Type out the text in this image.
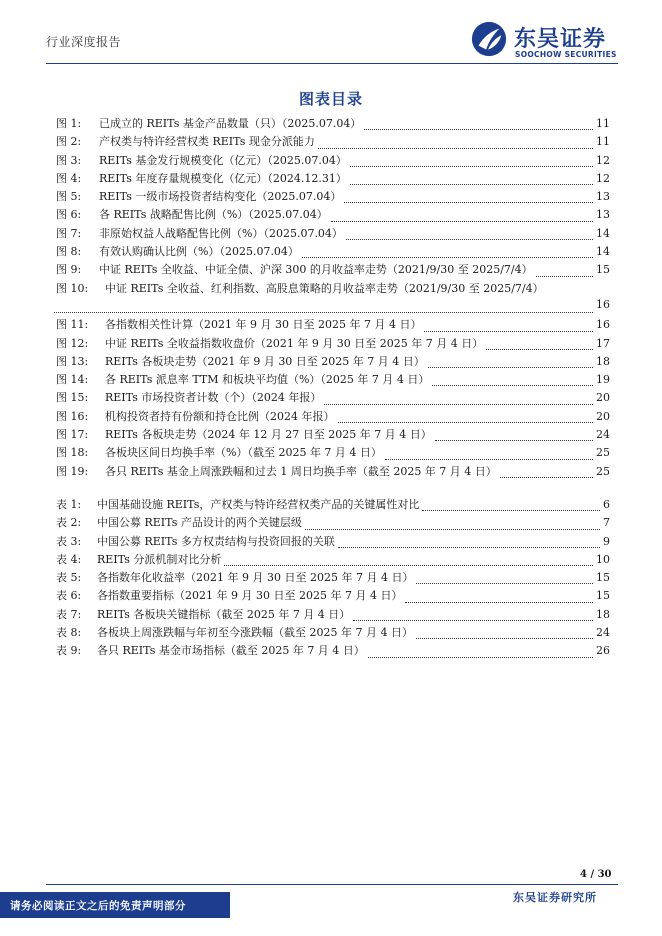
行业深度报告	东吴证券
SOOCHOW SECURITIES
图表目录
图 1:	已成立的 REITs 基金产品数量（只）（2025.07.04）	11
图 2:	产权类与特许经营权类 REITs 现金分派能力	11
图 3:	REITs 基金发行规模变化（亿元）（2025.07.04）	12
图 4:	REITs 年度存量规模变化（亿元）（2024.12.31）	12
图 5:	REITs 一级市场投资者结构变化（2025.07.04）	13
图 6:	各 REITs 战略配售比例（%）（2025.07.04）	13
图 7:	非原始权益人战略配售比例（%）（2025.07.04）	14
图 8:	有效认购确认比例（%）（2025.07.04）	14
图 9:	中证 REITs 全收益、中证全债、沪深 300 的月收益率走势（2021/9/30 至 2025/7/4）	15
图 10:	中证 REITs 全收益、红利指数、高股息策略的月收益率走势（2021/9/30 至 2025/7/4）
16
图 11:	各指数相关性计算（2021 年 9 月 30 日至 2025 年 7 月 4 日）	16
图 12:	中证 REITs 全收益指数收盘价（2021 年 9 月 30 日至 2025 年 7 月 4 日）	17
图 13:	REITs 各板块走势（2021 年 9 月 30 日至 2025 年 7 月 4 日）	18
图 14:	各 REITs 派息率 TTM 和板块平均值（%）（2025 年 7 月 4 日）	19
图 15:	REITs 市场投资者计数（个）（2024 年报）	20
图 16:	机构投资者持有份额和持仓比例（2024 年报）	20
图 17:	REITs 各板块走势（2024 年 12 月 27 日至 2025 年 7 月 4 日）	24
图 18:	各板块区间日均换手率（%）（截至 2025 年 7 月 4 日）	25
图 19:	各只 REITs 基金上周涨跌幅和过去 1 周日均换手率（截至 2025 年 7 月 4 日）	25
表 1:	中国基础设施 REITs，产权类与特许经营权类产品的关键属性对比	6
表 2:	中国公募 REITs 产品设计的两个关键层级	7
表 3:	中国公募 REITs 多方权责结构与投资回报的关联	9
表 4:	REITs 分派机制对比分析	10
表 5:	各指数年化收益率（2021 年 9 月 30 日至 2025 年 7 月 4 日）	15
表 6:	各指数重要指标（2021 年 9 月 30 日至 2025 年 7 月 4 日）	15
表 7:	REITs 各板块关键指标（截至 2025 年 7 月 4 日）	18
表 8:	各板块上周涨跌幅与年初至今涨跌幅（截至 2025 年 7 月 4 日）	24
表 9:	各只 REITs 基金市场指标（截至 2025 年 7 月 4 日）	26
4 / 30
东吴证券研究所
请务必阅读正文之后的免责声明部分
